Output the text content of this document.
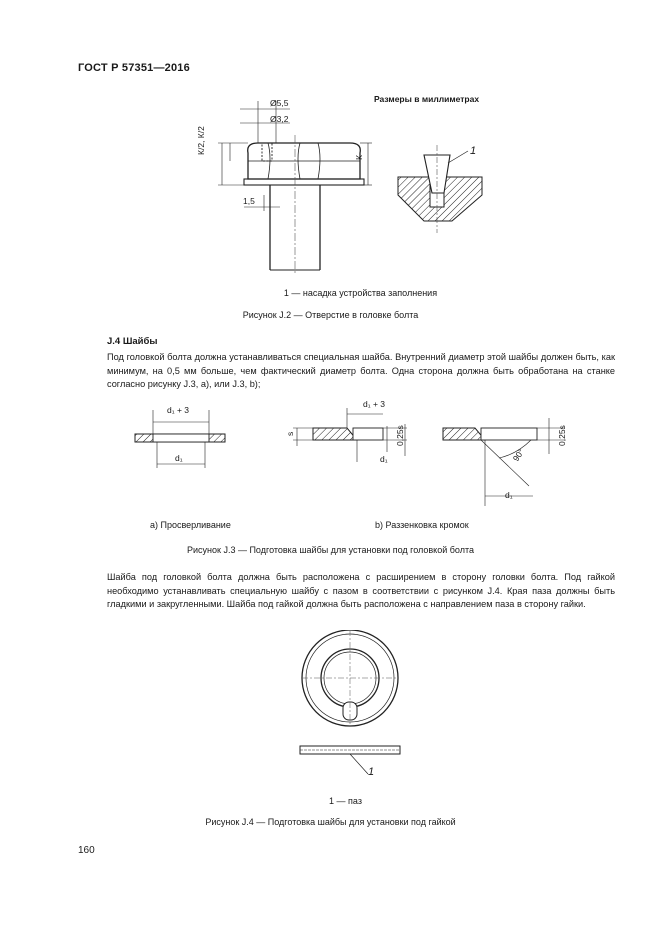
ГОСТ Р 57351—2016
Размеры в миллиметрах
Ø5,5
Ø3,2
К/2, К/2
К
1,5
1
1 — насадка устройства заполнения
Рисунок J.2 — Отверстие в головке болта
J.4 Шайбы
Под головкой болта должна устанавливаться специальная шайба. Внутренний диаметр этой шайбы должен быть, как минимум, на 0,5 мм больше, чем фактический диаметр болта. Одна сторона должна быть обработана на станке согласно рисунку J.3, а), или J.3, b);
d₁ + 3
d₁
d₁ + 3
s	0,25s
d₁
0,25s
90°
d₁
a) Просверливание	b) Раззенковка кромок
Рисунок J.3 — Подготовка шайбы для установки под головкой болта
Шайба под головкой болта должна быть расположена с расширением в сторону головки болта. Под гайкой необходимо устанавливать специальную шайбу с пазом в соответствии с рисунком J.4. Края паза должны быть гладкими и закругленными. Шайба под гайкой должна быть расположена с направлением паза в сторону гайки.
1
1 — паз
Рисунок J.4 — Подготовка шайбы для установки под гайкой
160
